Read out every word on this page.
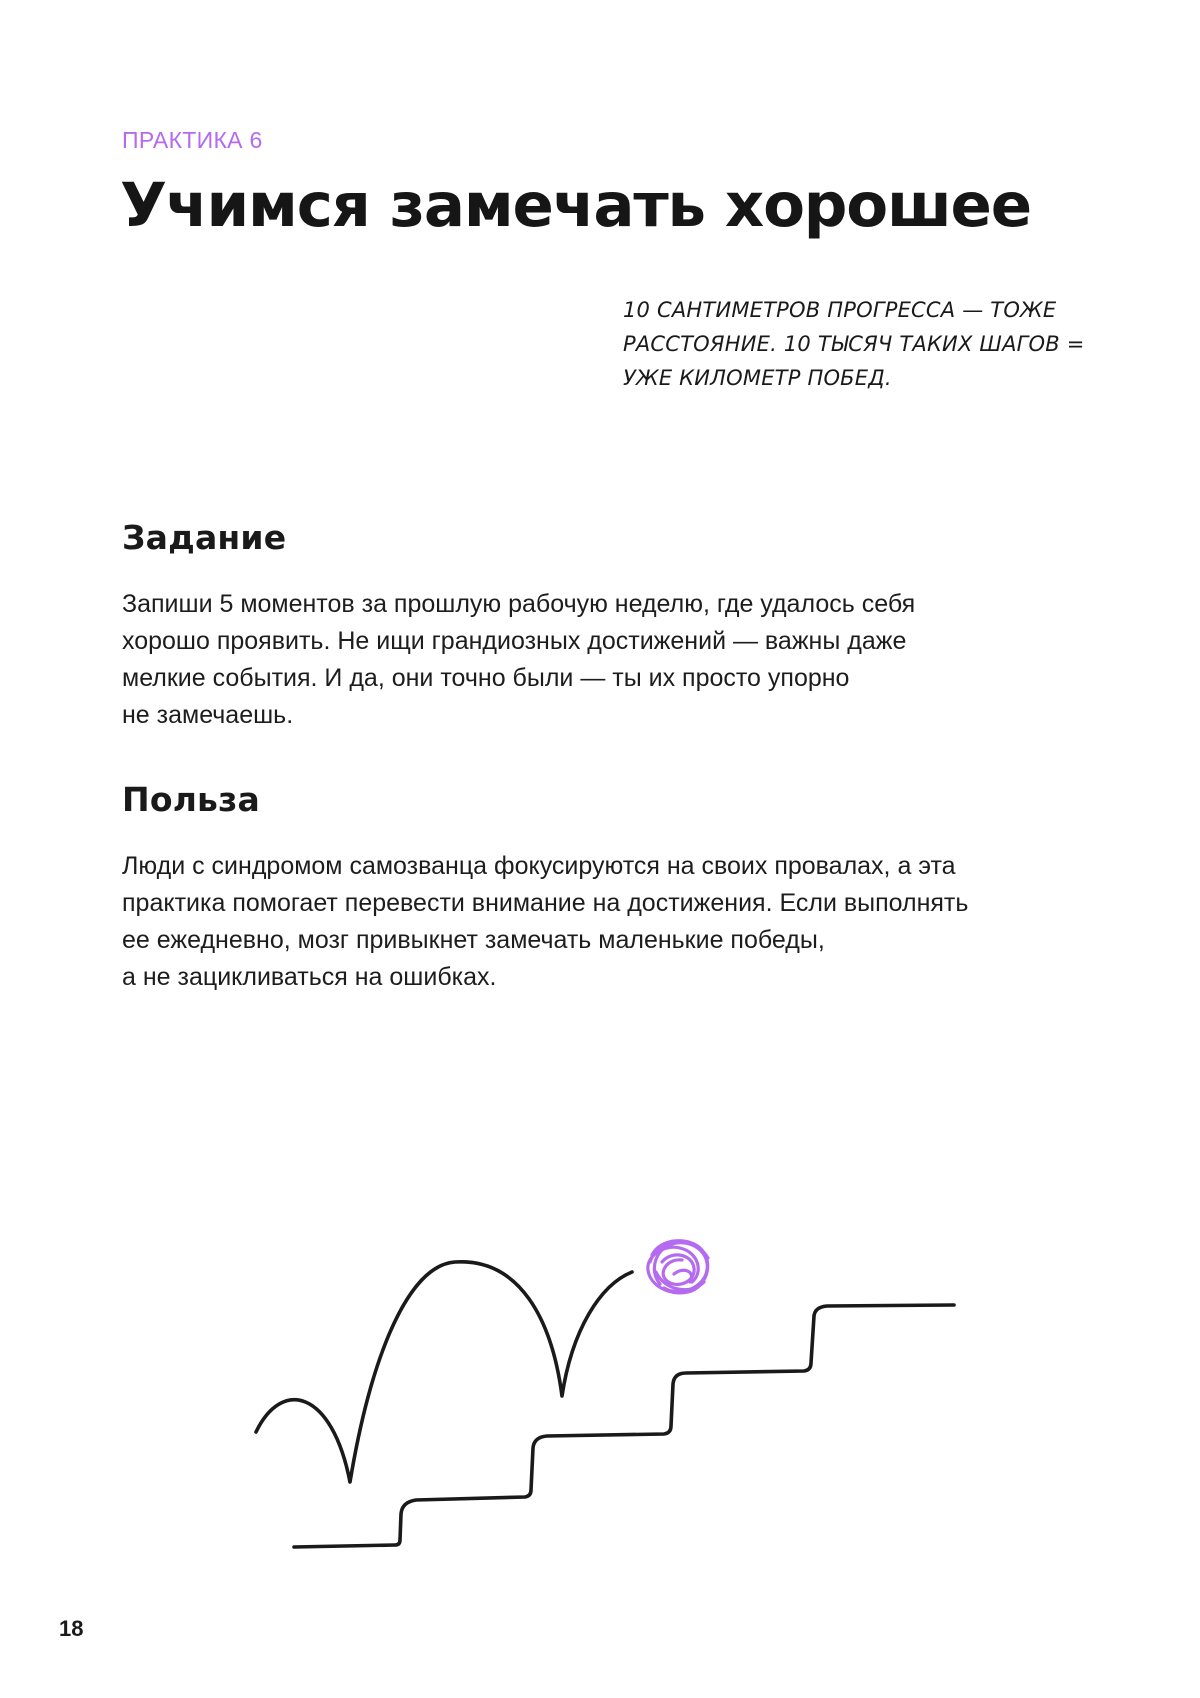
ПРАКТИКА 6
Учимся замечать хорошее
10 САНТИМЕТРОВ ПРОГРЕССА — ТОЖЕ
РАССТОЯНИЕ. 10 ТЫСЯЧ ТАКИХ ШАГОВ =
УЖЕ КИЛОМЕТР ПОБЕД.
Задание
Запиши 5 моментов за прошлую рабочую неделю, где удалось себя
хорошо проявить. Не ищи грандиозных достижений — важны даже
мелкие события. И да, они точно были — ты их просто упорно
не замечаешь.
Польза
Люди с синдромом самозванца фокусируются на своих провалах, а эта
практика помогает перевести внимание на достижения. Если выполнять
ее ежедневно, мозг привыкнет замечать маленькие победы,
а не зацикливаться на ошибках.
18
